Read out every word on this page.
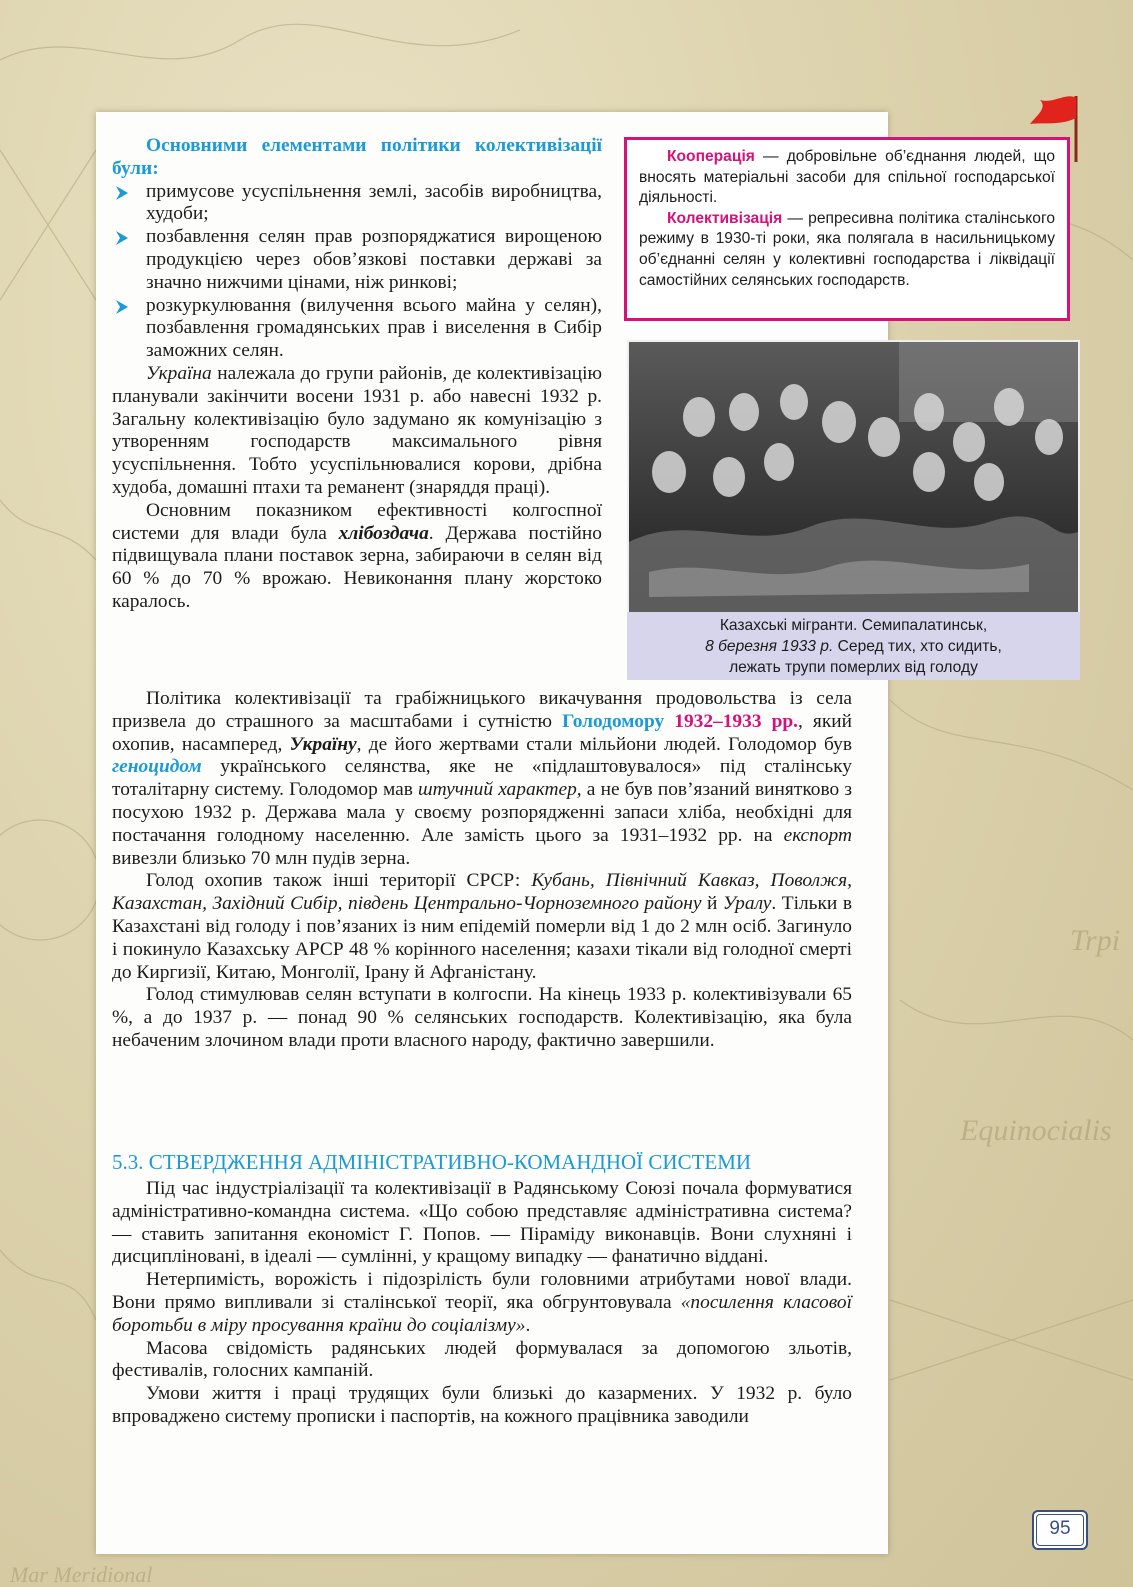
Equinocialis
Trpi
Mar Meridional

Кооперація — добровільне об’єднання людей, що вносять матеріальні засоби для спільної господарської діяльності.

Колективізація — репресивна політика сталінського режиму в 1930-ті роки, яка полягала в насильницькому об’єднанні селян у колективні господарства і ліквідації самостійних селянських господарств.

Казахські мігранти. Семипалатинськ,
8 березня 1933 р. Серед тих, хто сидить,
лежать трупи померлих від голоду

Основними елементами політики колективізації були:

примусове усуспільнення землі, засобів виробництва, худоби;
позбавлення селян прав розпоряджатися вирощеною продукцією через обов’язкові поставки державі за значно нижчими цінами, ніж ринкові;
розкуркулювання (вилучення всього майна у селян), позбавлення громадянських прав і виселення в Сибір заможних селян.

Україна належала до групи районів, де колективізацію планували закінчити восени 1931 р. або навесні 1932 р. Загальну колективізацію було задумано як комунізацію з утворенням господарств максимального рівня усуспільнення. Тобто усуспільнювалися корови, дрібна худоба, домашні птахи та реманент (знаряддя праці).

Основним показником ефективності колгоспної системи для влади була хлібоздача. Держава постійно підвищувала плани поставок зерна, забираючи в селян від 60 % до 70 % врожаю. Невиконання плану жорстоко каралось.

Політика колективізації та грабіжницького викачування продовольства із села призвела до страшного за масштабами і сутністю Голодомору 1932–1933 рр., який охопив, насамперед, Україну, де його жертвами стали мільйони людей. Голодомор був геноцидом українського селянства, яке не «підлаштовувалося» під сталінську тоталітарну систему. Голодомор мав штучний характер, а не був пов’язаний винятково з посухою 1932 р. Держава мала у своєму розпорядженні запаси хліба, необхідні для постачання голодному населенню. Але замість цього за 1931–1932 рр. на експорт вивезли близько 70 млн пудів зерна.

Голод охопив також інші території СРСР: Кубань, Північний Кавказ, Поволжя, Казахстан, Західний Сибір, південь Центрально-Чорноземного району й Уралу. Тільки в Казахстані від голоду і пов’язаних із ним епідемій померли від 1 до 2 млн осіб. Загинуло і покинуло Казахську АРСР 48 % корінного населення; казахи тікали від голодної смерті до Киргизії, Китаю, Монголії, Ірану й Афганістану.

Голод стимулював селян вступати в колгоспи. На кінець 1933 р. колективізували 65 %, а до 1937 р. — понад 90 % селянських господарств. Колективізацію, яка була небаченим злочином влади проти власного народу, фактично завершили.

5.3. СТВЕРДЖЕННЯ АДМІНІСТРАТИВНО-КОМАНДНОЇ СИСТЕМИ

Під час індустріалізації та колективізації в Радянському Союзі почала формуватися адміністративно-командна система. «Що собою представляє адміністративна система? — ставить запитання економіст Г. Попов. — Піраміду виконавців. Вони слухняні і дисципліновані, в ідеалі — сумлінні, у кращому випадку — фанатично віддані.

Нетерпимість, ворожість і підозрілість були головними атрибутами нової влади. Вони прямо випливали зі сталінської теорії, яка обгрунтовувала «посилення класової боротьби в міру просування країни до соціалізму».

Масова свідомість радянських людей формувалася за допомогою зльотів, фестивалів, голосних кампаній.

Умови життя і праці трудящих були близькі до казармених. У 1932 р. було впроваджено систему прописки і паспортів, на кожного працівника заводили

95
